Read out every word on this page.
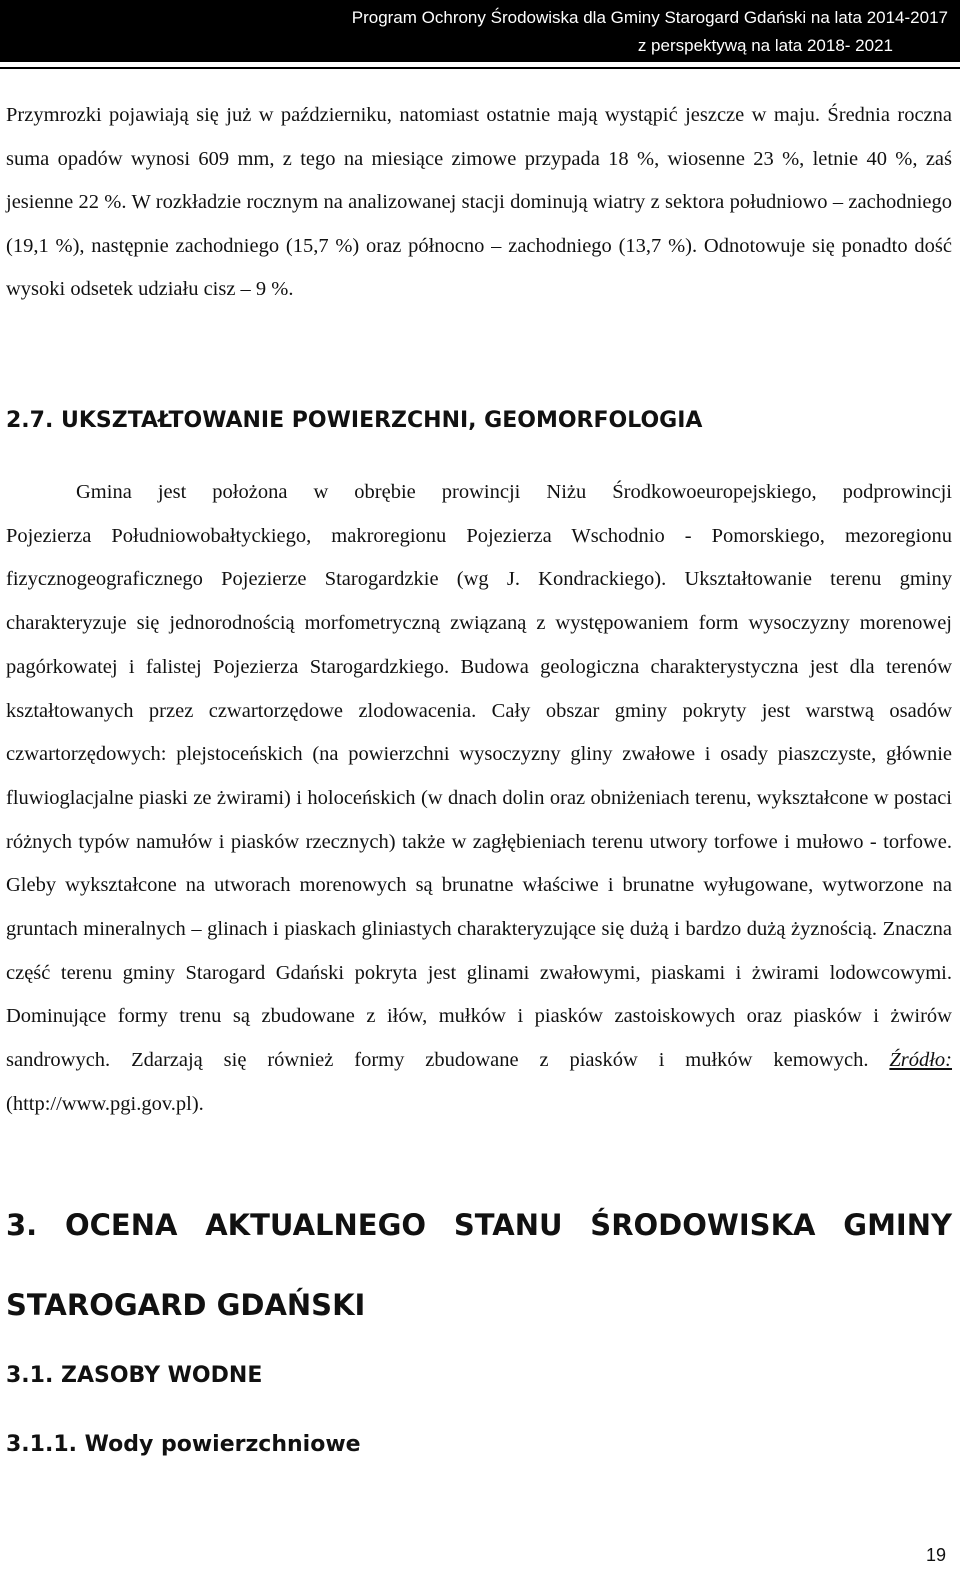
Program Ochrony Środowiska dla Gminy Starogard Gdański na lata 2014-2017
z perspektywą na lata 2018- 2021
Przymrozki pojawiają się już w październiku, natomiast ostatnie mają wystąpić jeszcze w maju. Średnia roczna suma opadów wynosi 609 mm, z tego na miesiące zimowe przypada 18 %, wiosenne 23 %, letnie 40 %, zaś jesienne 22 %. W rozkładzie rocznym na analizowanej stacji dominują wiatry z sektora południowo – zachodniego (19,1 %), następnie zachodniego (15,7 %) oraz północno – zachodniego (13,7 %). Odnotowuje się ponadto dość wysoki odsetek udziału cisz – 9 %.
2.7. UKSZTAŁTOWANIE POWIERZCHNI, GEOMORFOLOGIA
Gmina jest położona w obrębie prowincji Niżu Środkowoeuropejskiego, podprowincji
Pojezierza Południowobałtyckiego, makroregionu Pojezierza Wschodnio - Pomorskiego, mezoregionu fizycznogeograficznego Pojezierze Starogardzkie (wg J. Kondrackiego). Ukształtowanie terenu gminy charakteryzuje się jednorodnością morfometryczną związaną z występowaniem form wysoczyzny morenowej pagórkowatej i falistej Pojezierza Starogardzkiego. Budowa geologiczna charakterystyczna jest dla terenów kształtowanych przez czwartorzędowe zlodowacenia. Cały obszar gminy pokryty jest warstwą osadów czwartorzędowych: plejstoceńskich (na powierzchni wysoczyzny gliny zwałowe i osady piaszczyste, głównie fluwioglacjalne piaski ze żwirami) i holoceńskich (w dnach dolin oraz obniżeniach terenu, wykształcone w postaci różnych typów namułów i piasków rzecznych) także w zagłębieniach terenu utwory torfowe i mułowo - torfowe. Gleby wykształcone na utworach morenowych są brunatne właściwe i brunatne wyługowane, wytworzone na gruntach mineralnych – glinach i piaskach gliniastych charakteryzujące się dużą i bardzo dużą żyznością. Znaczna część terenu gminy Starogard Gdański pokryta jest glinami zwałowymi, piaskami i żwirami lodowcowymi. Dominujące formy trenu są zbudowane z iłów, mułków i piasków zastoiskowych oraz piasków i żwirów sandrowych. Zdarzają się również formy zbudowane z piasków i mułków kemowych. Źródło:(http://www.pgi.gov.pl).
3. OCENA AKTUALNEGO STANU ŚRODOWISKA GMINY
STAROGARD GDAŃSKI
3.1. ZASOBY WODNE
3.1.1. Wody powierzchniowe
19
